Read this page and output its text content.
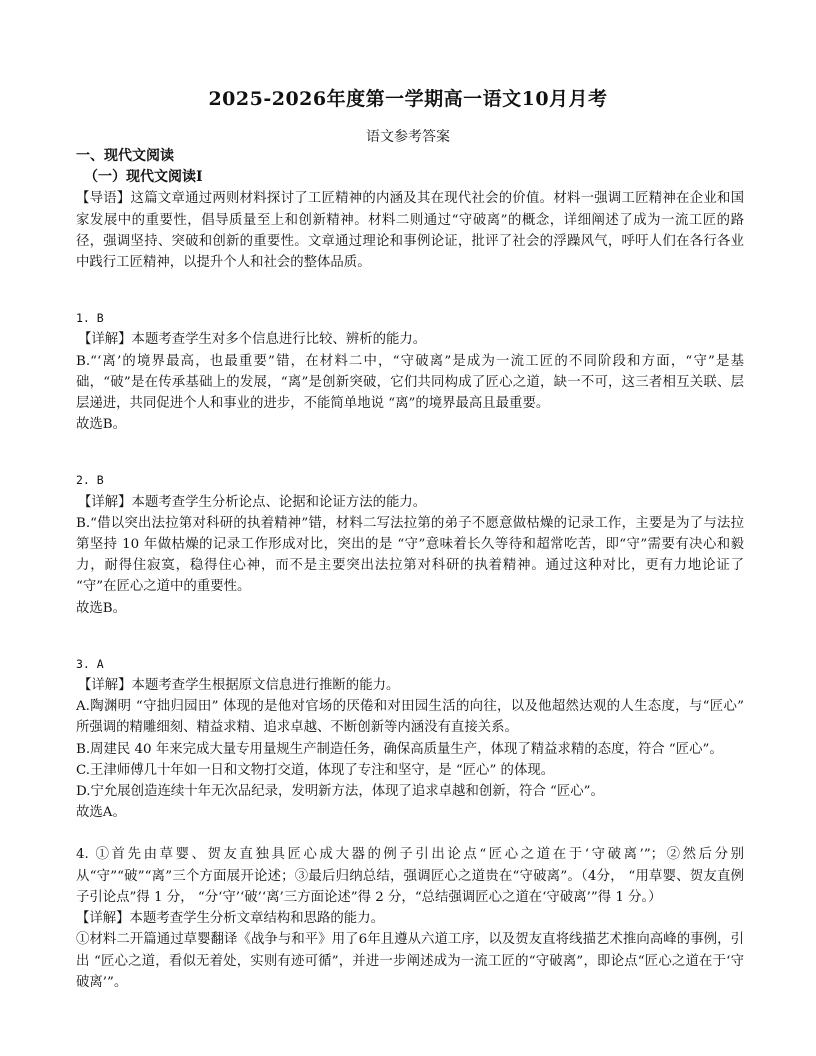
2025-2026年度第一学期高一语文10月月考
语文参考答案

一、现代文阅读

（一）现代文阅读Ⅰ

【导语】这篇文章通过两则材料探讨了工匠精神的内涵及其在现代社会的价值。材料一强调工匠精神在企业和国家发展中的重要性，倡导质量至上和创新精神。材料二则通过“守破离”的概念，详细阐述了成为一流工匠的路径，强调坚持、突破和创新的重要性。文章通过理论和事例论证，批评了社会的浮躁风气，呼吁人们在各行各业中践行工匠精神，以提升个人和社会的整体品质。

1. B

【详解】本题考查学生对多个信息进行比较、辨析的能力。

B.“‘离’的境界最高，也最重要”错，在材料二中，“守破离”是成为一流工匠的不同阶段和方面，“守”是基础，“破”是在传承基础上的发展，“离”是创新突破，它们共同构成了匠心之道，缺一不可，这三者相互关联、层层递进，共同促进个人和事业的进步，不能简单地说 “离”的境界最高且最重要。

故选B。

2. B

【详解】本题考查学生分析论点、论据和论证方法的能力。

B.“借以突出法拉第对科研的执着精神”错，材料二写法拉第的弟子不愿意做枯燥的记录工作，主要是为了与法拉第坚持 10 年做枯燥的记录工作形成对比，突出的是 “守”意味着长久等待和超常吃苦，即“守”需要有决心和毅力，耐得住寂寞，稳得住心神，而不是主要突出法拉第对科研的执着精神。通过这种对比，更有力地论证了 “守”在匠心之道中的重要性。

故选B。

3. A

【详解】本题考查学生根据原文信息进行推断的能力。

A.陶渊明 “守拙归园田” 体现的是他对官场的厌倦和对田园生活的向往，以及他超然达观的人生态度，与“匠心” 所强调的精雕细刻、精益求精、追求卓越、不断创新等内涵没有直接关系。

B.周建民 40 年来完成大量专用量规生产制造任务，确保高质量生产，体现了精益求精的态度，符合 “匠心”。

C.王津师傅几十年如一日和文物打交道，体现了专注和坚守，是 “匠心” 的体现。

D.宁允展创造连续十年无次品纪录，发明新方法，体现了追求卓越和创新，符合 “匠心”。

故选A。

4. ①首先由草婴、贺友直独具匠心成大器的例子引出论点“匠心之道在于‘守破离’”；②然后分别从“守”“破”“离”三个方面展开论述；③最后归纳总结，强调匠心之道贵在“守破离”。（4分， “用草婴、贺友直例子引论点”得 1 分， “分‘守’‘破’‘离’三方面论述”得 2 分，“总结强调匠心之道在‘守破离’”得 1 分。）

【详解】本题考查学生分析文章结构和思路的能力。

①材料二开篇通过草婴翻译《战争与和平》用了6年且遵从六道工序，以及贺友直将线描艺术推向高峰的事例，引出 “匠心之道，看似无着处，实则有迹可循”，并进一步阐述成为一流工匠的“守破离”，即论点“匠心之道在于‘守破离’”。
